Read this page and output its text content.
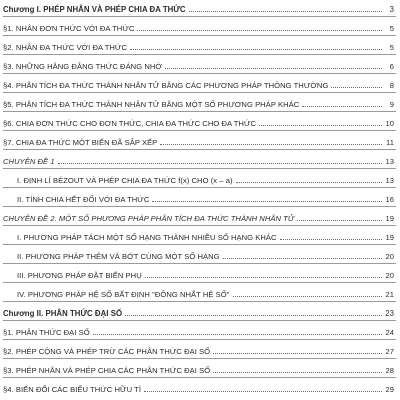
Chương I. PHÉP NHÂN VÀ PHÉP CHIA ĐA THỨC	3
§1. NHÂN ĐƠN THỨC VỚI ĐA THỨC	5
§2. NHÂN ĐA THỨC VỚI ĐA THỨC	5
§3. NHỮNG HẰNG ĐẲNG THỨC ĐÁNG NHỚ	6
§4. PHÂN TÍCH ĐA THỨC THÀNH NHÂN TỬ BẰNG CÁC PHƯƠNG PHÁP THÔNG THƯỜNG	8
§5. PHÂN TÍCH ĐA THỨC THÀNH NHÂN TỬ BẰNG MỘT SỐ PHƯƠNG PHÁP KHÁC	9
§6. CHIA ĐƠN THỨC CHO ĐƠN THỨC, CHIA ĐA THỨC CHO ĐA THỨC	10
§7. CHIA ĐA THỨC MỘT BIẾN ĐÃ SẮP XẾP	11
CHUYÊN ĐỀ 1	13
I. ĐỊNH LÍ BÉZOUT VÀ PHÉP CHIA ĐA THỨC f(x) CHO (x – a)	13
II. TÍNH CHIA HẾT ĐỐI VỚI ĐA THỨC	16
CHUYÊN ĐỀ 2. MỘT SỐ PHƯƠNG PHÁP PHÂN TÍCH ĐA THỨC THÀNH NHÂN TỬ	19
I. PHƯƠNG PHÁP TÁCH MỘT SỐ HẠNG THÀNH NHIỀU SỐ HẠNG KHÁC	19
II. PHƯƠNG PHÁP THÊM VÀ BỚT CÙNG MỘT SỐ HẠNG	20
III. PHƯƠNG PHÁP ĐẶT BIẾN PHỤ	20
IV. PHƯƠNG PHÁP HỆ SỐ BẤT ĐỊNH "ĐỒNG NHẤT HỆ SỐ"	21
Chương II. PHÂN THỨC ĐẠI SỐ	23
§1. PHÂN THỨC ĐẠI SỐ	24
§2. PHÉP CỘNG VÀ PHÉP TRỪ CÁC PHÂN THỨC ĐẠI SỐ	27
§3. PHÉP NHÂN VÀ PHÉP CHIA CÁC PHÂN THỨC ĐẠI SỐ	28
§4. BIẾN ĐỔI CÁC BIỂU THỨC HỮU TỈ	29
